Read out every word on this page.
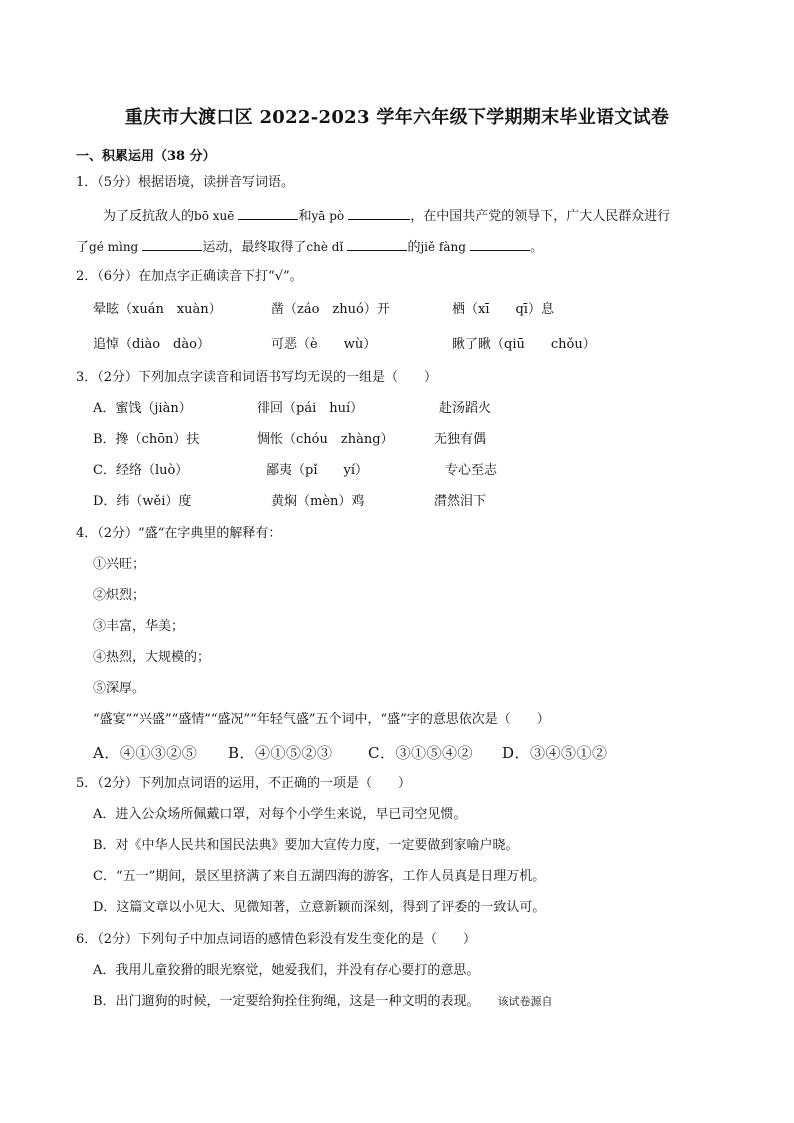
重庆市大渡口区 2022-2023 学年六年级下学期期末毕业语文试卷
一、积累运用（38 分）
1．（5分）根据语境，读拼音写词语。
为了反抗敌人的bō xuē	和yā pò	，在中国共产党的领导下，广大人民群众进行
了gé mìng	运动，最终取得了chè dǐ	的jiě fàng	。
2．（6分）在加点字正确读音下打“√”。
晕眩（xuán　xuàn）	凿（záo　zhuó）开	栖（xī　　qī）息
追悼（diào　dào）	可恶（è　　wù）	瞅了瞅（qiū　　chǒu）
3．（2分）下列加点字读音和词语书写均无误的一组是（　　）
A．蜜饯（jiàn）	徘回（pái　huí）	赴汤蹈火
B．搀（chōn）扶	惆怅（chóu　zhàng）	无独有偶
C．经络（luò）	鄙夷（pǐ　　yí）	专心至志
D．纬（wěi）度	黄焖（mèn）鸡	潸然泪下
4．（2分）“盛“在字典里的解释有：
①兴旺；
②炽烈；
③丰富，华美；
④热烈，大规模的；
⑤深厚。
“盛宴”“兴盛”“盛情”“盛况”“年轻气盛”五个词中，“盛”字的意思依次是（　　）
A．④①③②⑤ B．④①⑤②③ C．③①⑤④② D．③④⑤①②
5．（2分）下列加点词语的运用，不正确的一项是（　　）
A．进入公众场所佩戴口罩，对每个小学生来说，早已司空见惯。
B．对《中华人民共和国民法典》要加大宣传力度，一定要做到家喻户晓。
C．“五一”期间，景区里挤满了来自五湖四海的游客，工作人员真是日理万机。
D．这篇文章以小见大、见微知著，立意新颖而深刻，得到了评委的一致认可。
6．（2分）下列句子中加点词语的感情色彩没有发生变化的是（　　）
A．我用儿童狡猾的眼光察觉，她爱我们，并没有存心要打的意思。
B．出门遛狗的时候，一定要给狗拴住狗绳，这是一种文明的表现。 该试卷源自
